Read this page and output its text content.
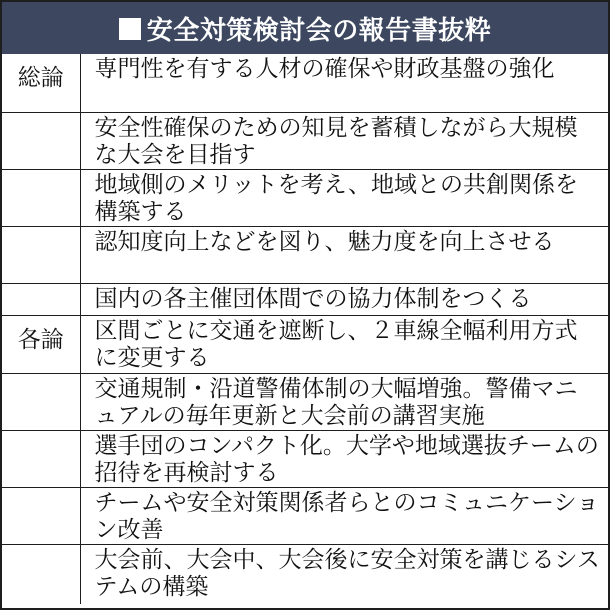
安全対策検討会の報告書抜粋
総論	専門性を有する人材の確保や財政基盤の強化

	安全性確保のための知見を蓄積しながら大規模な大会を目指す

	地域側のメリットを考え、地域との共創関係を構築する

	認知度向上などを図り、魅力度を向上させる

	国内の各主催団体間での協力体制をつくる

各論	区間ごとに交通を遮断し、２車線全幅利用方式に変更する

	交通規制・沿道警備体制の大幅増強。警備マニュアルの毎年更新と大会前の講習実施

	選手団のコンパクト化。大学や地域選抜チームの招待を再検討する

	チームや安全対策関係者らとのコミュニケーション改善

	大会前、大会中、大会後に安全対策を講じるシステムの構築
